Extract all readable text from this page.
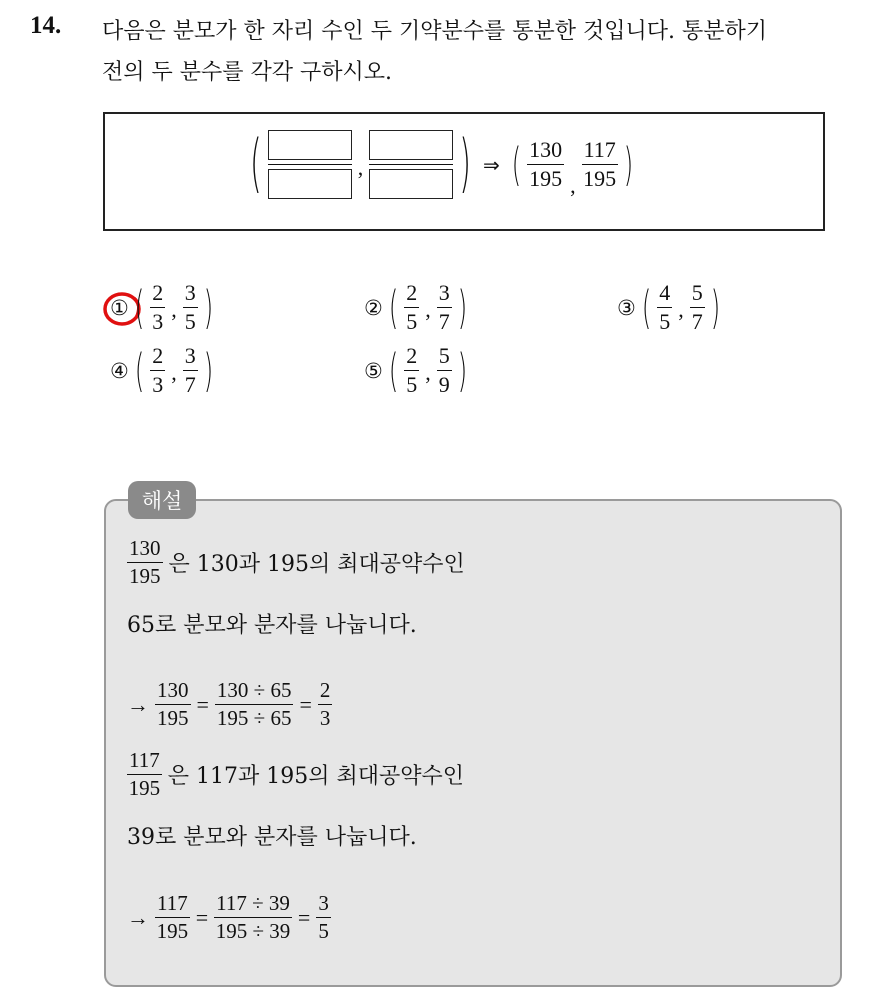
14. 다음은 분모가 한 자리 수인 두 기약분수를 통분한 것입니다. 통분하기
전의 두 분수를 각각 구하시오.
(	,	) ⇒ ( $\frac{130}{195}$ , $\frac{117}{195}$ )
① ( $\frac{2}{3}$ , $\frac{3}{5}$ )	② ( $\frac{2}{5}$ , $\frac{3}{7}$ )	③ ( $\frac{4}{5}$ , $\frac{5}{7}$ )
④ ( $\frac{2}{3}$ , $\frac{3}{7}$ )	⑤ ( $\frac{2}{5}$ , $\frac{5}{9}$ )
해설
$\frac{130}{195}$ 은 130과 195의 최대공약수인
65로 분모와 분자를 나눕니다.
→ $\frac{130}{195} = \frac{130 \div 65}{195 \div 65} = \frac{2}{3}$
$\frac{117}{195}$ 은 117과 195의 최대공약수인
39로 분모와 분자를 나눕니다.
→ $\frac{117}{195} = \frac{117 \div 39}{195 \div 39} = \frac{3}{5}$
